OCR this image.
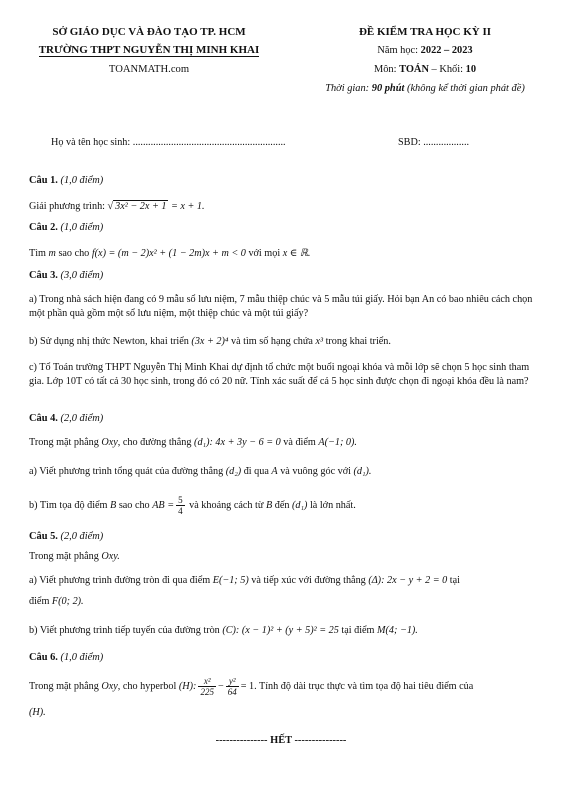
SỞ GIÁO DỤC VÀ ĐÀO TẠO TP. HCM
TRƯỜNG THPT NGUYỄN THỊ MINH KHAI
TOANMATH.com
ĐỀ KIỂM TRA HỌC KỲ II
Năm học: 2022 – 2023
Môn: TOÁN – Khối: 10
Thời gian: 90 phút (không kể thời gian phát đề)
Họ và tên học sinh: ............................................................	SBD: ..................
Câu 1. (1,0 điểm)
Giải phương trình: √ 3x² − 2x + 1 = x + 1.
Câu 2. (1,0 điểm)
Tìm m sao cho f(x) = (m − 2)x² + (1 − 2m)x + m < 0 với mọi x ∈ ℝ.
Câu 3. (3,0 điểm)
a) Trong nhà sách hiện đang có 9 mẫu sổ lưu niệm, 7 mẫu thiệp chúc và 5 mẫu túi giấy. Hỏi bạn An có bao nhiêu cách chọn một phần quà gồm một sổ lưu niệm, một thiệp chúc và một túi giấy?
b) Sử dụng nhị thức Newton, khai triển (3x + 2)⁴ và tìm số hạng chứa x³ trong khai triển.
c) Tổ Toán trường THPT Nguyễn Thị Minh Khai dự định tổ chức một buổi ngoại khóa và mỗi lớp sẽ chọn 5 học sinh tham gia. Lớp 10T có tất cả 30 học sinh, trong đó có 20 nữ. Tính xác suất để cả 5 học sinh được chọn đi ngoại khóa đều là nam?
Câu 4. (2,0 điểm)
Trong mặt phẳng Oxy, cho đường thẳng (d₁): 4x + 3y − 6 = 0 và điểm A(−1; 0).
a) Viết phương trình tổng quát của đường thẳng (d₂) đi qua A và vuông góc với (d₁).
b) Tìm tọa độ điểm B sao cho AB = $\frac{5}{4}$ và khoảng cách từ B đến (d₁) là lớn nhất.
Câu 5. (2,0 điểm)
Trong mặt phẳng Oxy.
a) Viết phương trình đường tròn đi qua điểm E(−1; 5) và tiếp xúc với đường thẳng (Δ): 2x − y + 2 = 0 tại
điểm F(0; 2).
b) Viết phương trình tiếp tuyến của đường tròn (C): (x − 1)² + (y + 5)² = 25 tại điểm M(4; −1).
Câu 6. (1,0 điểm)
Trong mặt phẳng Oxy, cho hyperbol (H): $\frac{\text{x²}}{225} - \frac{\text{y²}}{64} = 1$. Tính độ dài trục thực và tìm tọa độ hai tiêu điểm của
(H).
--------------- HẾT ---------------
